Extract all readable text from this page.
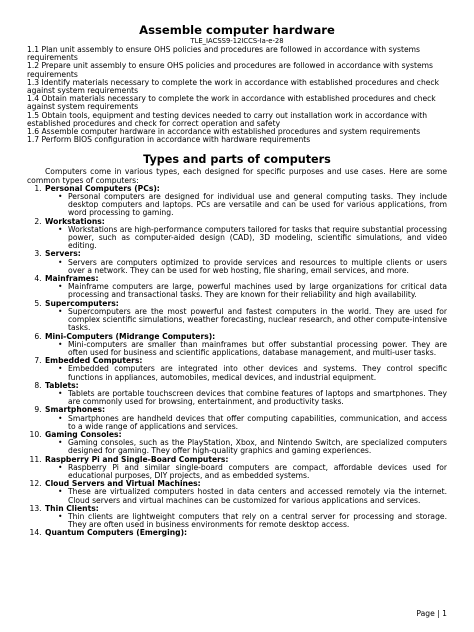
Assemble computer hardware

TLE_IACSS9-12ICCS-Ia-e-28

1.1 Plan unit assembly to ensure OHS policies and procedures are followed in accordance with systems requirements

1.2 Prepare unit assembly to ensure OHS policies and procedures are followed in accordance with systems requirements

1.3 Identify materials necessary to complete the work in accordance with established procedures and check against system requirements

1.4 Obtain materials necessary to complete the work in accordance with established procedures and check against system requirements

1.5 Obtain tools, equipment and testing devices needed to carry out installation work in accordance with established procedures and check for correct operation and safety

1.6 Assemble computer hardware in accordance with established procedures and system requirements

1.7 Perform BIOS configuration in accordance with hardware requirements

Types and parts of computers

Computers come in various types, each designed for specific purposes and use cases. Here are some common types of computers:

1. Personal Computers (PCs):
• Personal computers are designed for individual use and general computing tasks. They include desktop computers and laptops. PCs are versatile and can be used for various applications, from word processing to gaming.
2. Workstations:
• Workstations are high-performance computers tailored for tasks that require substantial processing power, such as computer-aided design (CAD), 3D modeling, scientific simulations, and video editing.
3. Servers:
• Servers are computers optimized to provide services and resources to multiple clients or users over a network. They can be used for web hosting, file sharing, email services, and more.
4. Mainframes:
• Mainframe computers are large, powerful machines used by large organizations for critical data processing and transactional tasks. They are known for their reliability and high availability.
5. Supercomputers:
• Supercomputers are the most powerful and fastest computers in the world. They are used for complex scientific simulations, weather forecasting, nuclear research, and other compute-intensive tasks.
6. Mini-Computers (Midrange Computers):
• Mini-computers are smaller than mainframes but offer substantial processing power. They are often used for business and scientific applications, database management, and multi-user tasks.
7. Embedded Computers:
• Embedded computers are integrated into other devices and systems. They control specific functions in appliances, automobiles, medical devices, and industrial equipment.
8. Tablets:
• Tablets are portable touchscreen devices that combine features of laptops and smartphones. They are commonly used for browsing, entertainment, and productivity tasks.
9. Smartphones:
• Smartphones are handheld devices that offer computing capabilities, communication, and access to a wide range of applications and services.
10. Gaming Consoles:
• Gaming consoles, such as the PlayStation, Xbox, and Nintendo Switch, are specialized computers designed for gaming. They offer high-quality graphics and gaming experiences.
11. Raspberry Pi and Single-Board Computers:
• Raspberry Pi and similar single-board computers are compact, affordable devices used for educational purposes, DIY projects, and as embedded systems.
12. Cloud Servers and Virtual Machines:
• These are virtualized computers hosted in data centers and accessed remotely via the internet. Cloud servers and virtual machines can be customized for various applications and services.
13. Thin Clients:
• Thin clients are lightweight computers that rely on a central server for processing and storage. They are often used in business environments for remote desktop access.
14. Quantum Computers (Emerging):
Page | 1
